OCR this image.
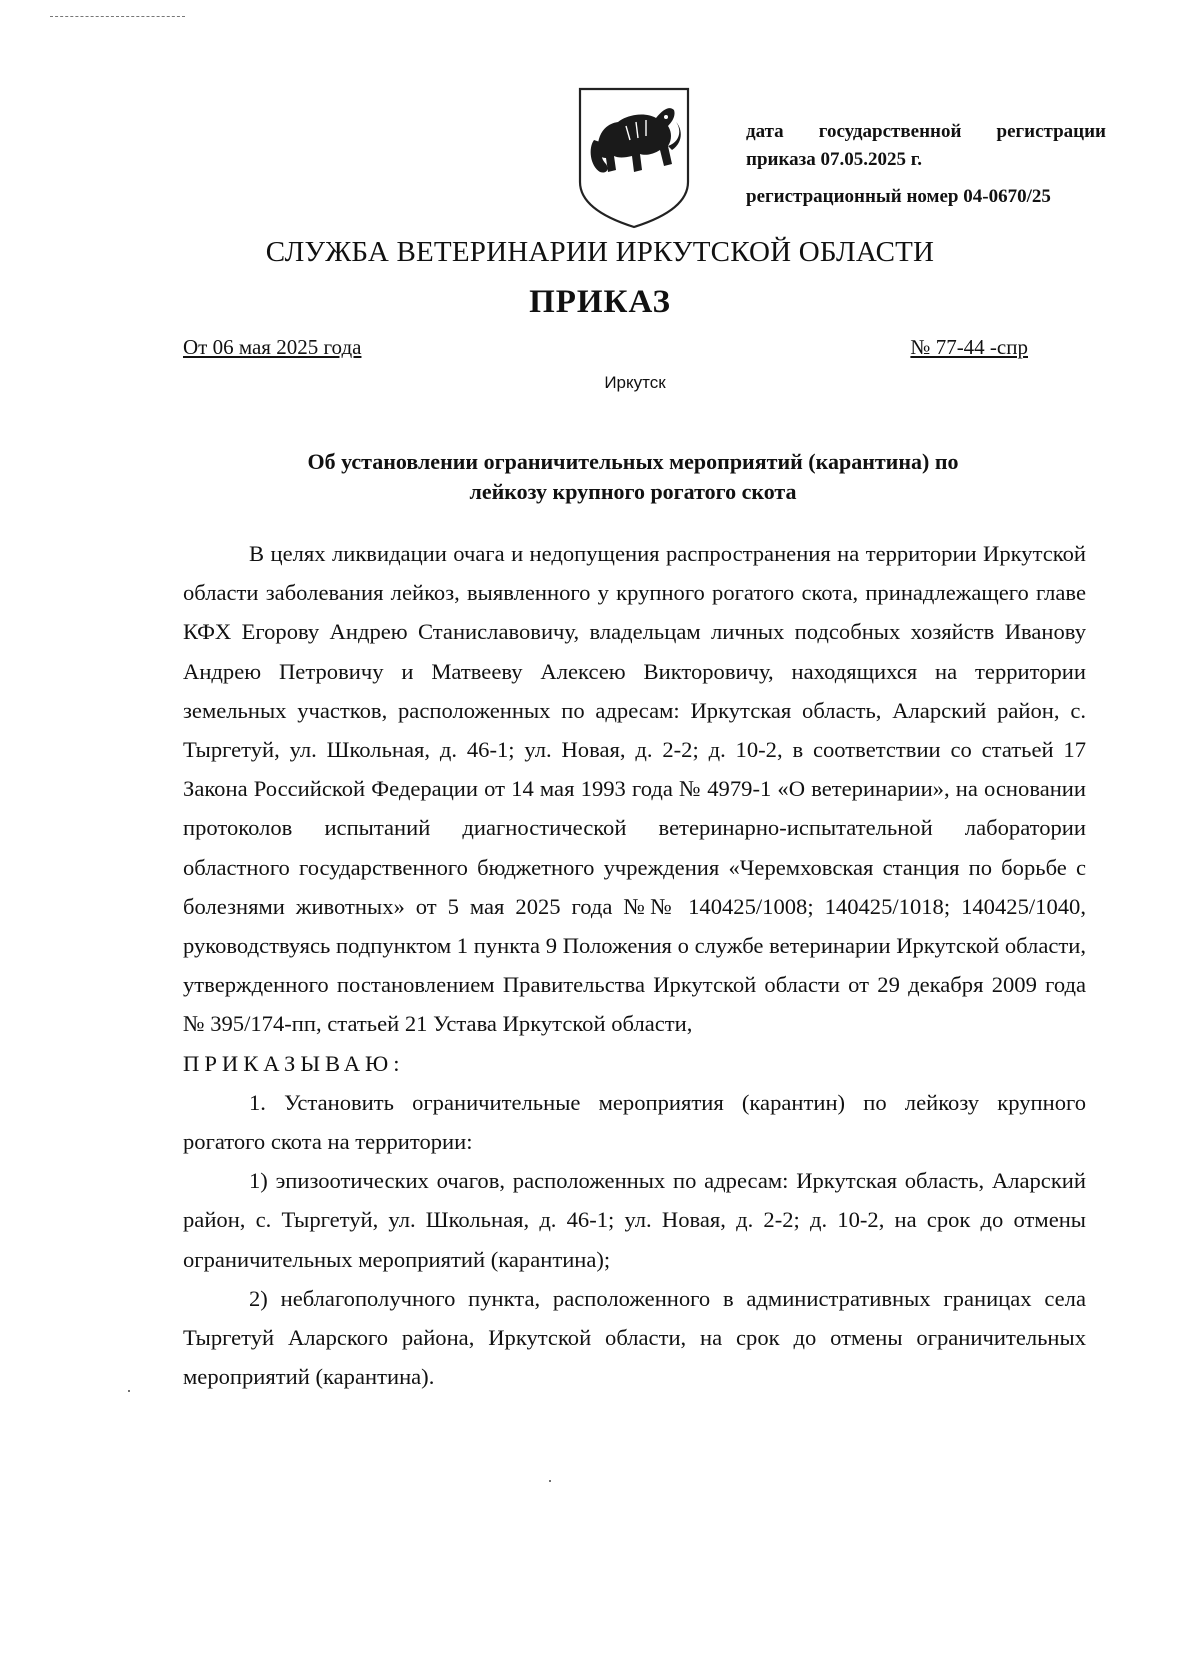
дата государственной регистрации
приказа 07.05.2025 г.
регистрационный номер 04-0670/25
СЛУЖБА ВЕТЕРИНАРИИ ИРКУТСКОЙ ОБЛАСТИ
ПРИКАЗ
От 06 мая 2025 года	№ 77-44 -спр
Иркутск
Об установлении ограничительных мероприятий (карантина) по
лейкозу крупного рогатого скота

В целях ликвидации очага и недопущения распространения на территории Иркутской области заболевания лейкоз, выявленного у крупного рогатого скота, принадлежащего главе КФХ Егорову Андрею Станиславовичу, владельцам личных подсобных хозяйств Иванову Андрею Петровичу и Матвееву Алексею Викторовичу, находящихся на территории земельных участков, расположенных по адресам: Иркутская область, Аларский район, с. Тыргетуй, ул. Школьная, д. 46-1; ул. Новая, д. 2-2; д. 10-2, в соответствии со статьей 17 Закона Российской Федерации от 14 мая 1993 года № 4979-1 «О ветеринарии», на основании протоколов испытаний диагностической ветеринарно-испытательной лаборатории областного государственного бюджетного учреждения «Черемховская станция по борьбе с болезнями животных» от 5 мая 2025 года №№ 140425/1008; 140425/1018; 140425/1040, руководствуясь подпунктом 1 пункта 9 Положения о службе ветеринарии Иркутской области, утвержденного постановлением Правительства Иркутской области от 29 декабря 2009 года № 395/174-пп, статьей 21 Устава Иркутской области,

ПРИКАЗЫВАЮ:

1. Установить ограничительные мероприятия (карантин) по лейкозу крупного рогатого скота на территории:

1) эпизоотических очагов, расположенных по адресам: Иркутская область, Аларский район, с. Тыргетуй, ул. Школьная, д. 46-1; ул. Новая, д. 2-2; д. 10-2, на срок до отмены ограничительных мероприятий (карантина);

2) неблагополучного пункта, расположенного в административных границах села Тыргетуй Аларского района, Иркутской области, на срок до отмены ограничительных мероприятий (карантина).
